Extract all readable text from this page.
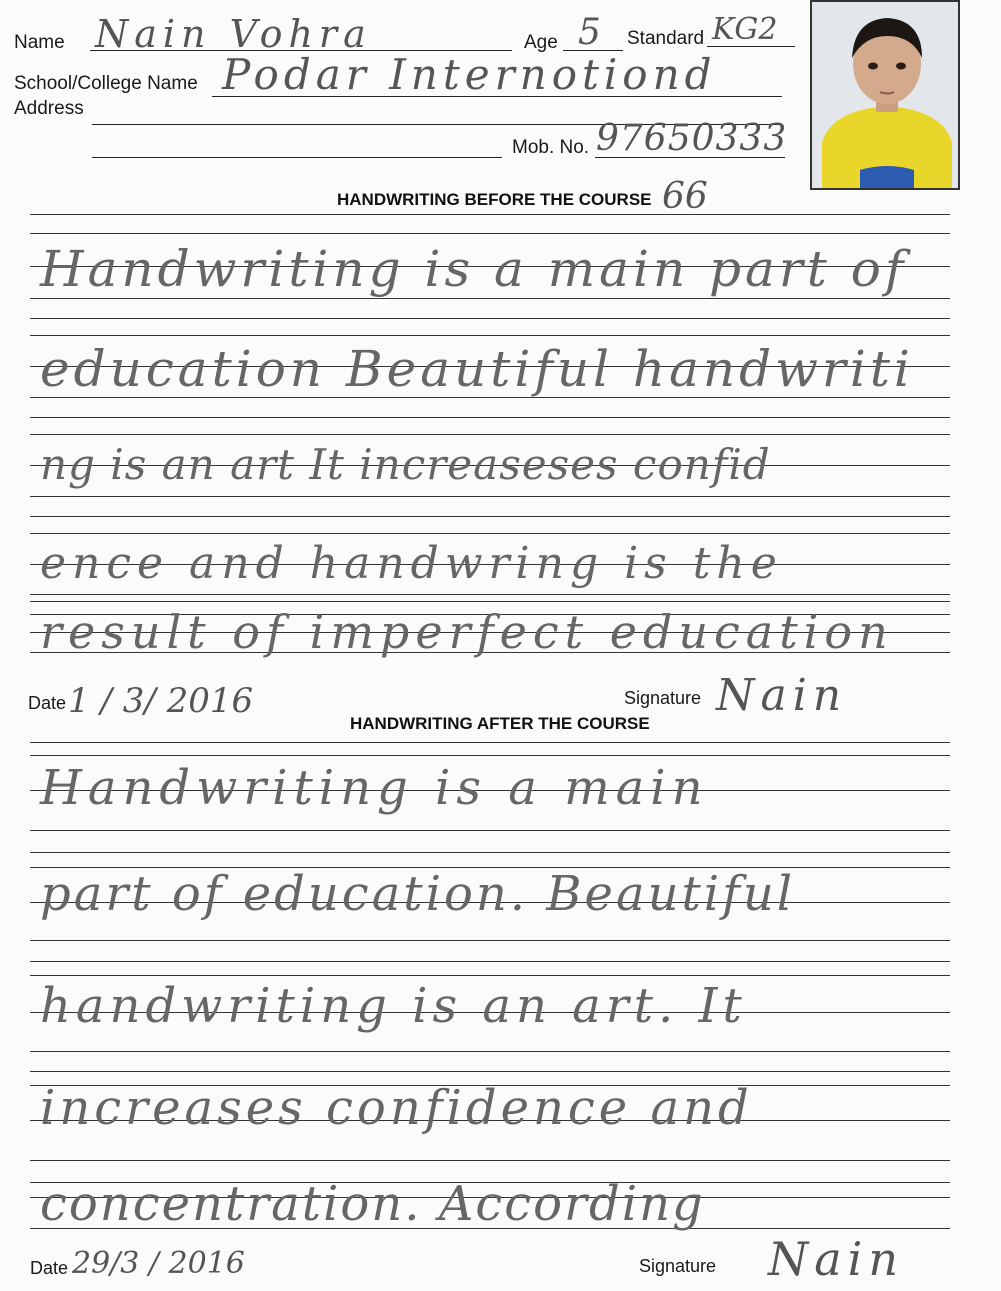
Name Nain Vohra	Age 5 Standard KG2
School/College Name Podar Internotiond
Address
Mob. No. 97650333
HANDWRITING BEFORE THE COURSE 66
Handwriting is a main part of
education Beautiful handwriti
ng is an art It increaseses confid
ence and handwring is the
result of imperfect education
Date 1 / 3/ 2016	Signature Nain
HANDWRITING AFTER THE COURSE
Handwriting is a main
part of education. Beautiful
handwriting is an art. It
increases confidence and
concentration. According
Date 29/3 / 2016	Signature Nain
